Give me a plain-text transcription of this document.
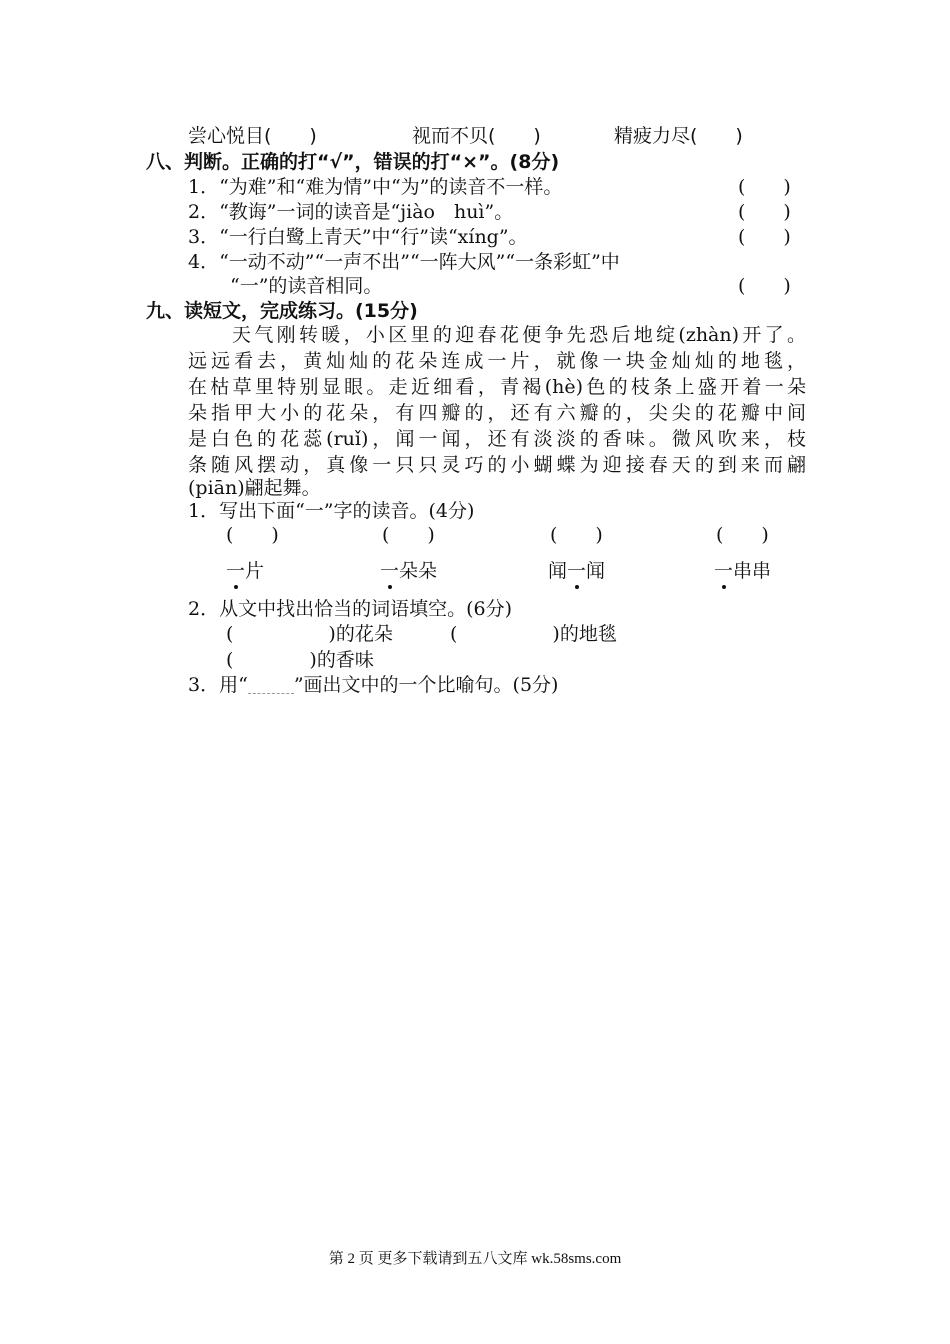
尝心悦目(　　)	视而不贝(　　)	精疲力尽(　　)
八、判断。正确的打“√”，错误的打“×”。(8分)
1．“为难”和“难为情”中“为”的读音不一样。	(　　)
2．“教诲”一词的读音是“jiào　huì”。	(　　)
3．“一行白鹭上青天”中“行”读“xíng”。	(　　)
4．“一动不动”“一声不出”“一阵大风”“一条彩虹”中
“一”的读音相同。	(　　)
九、读短文，完成练习。(15分)
天气刚转暖，小区里的迎春花便争先恐后地绽(zhàn)开了。
远远看去，黄灿灿的花朵连成一片，就像一块金灿灿的地毯，
在枯草里特别显眼。走近细看，青褐(hè)色的枝条上盛开着一朵
朵指甲大小的花朵，有四瓣的，还有六瓣的，尖尖的花瓣中间
是白色的花蕊(ruǐ)，闻一闻，还有淡淡的香味。微风吹来，枝
条随风摆动，真像一只只灵巧的小蝴蝶为迎接春天的到来而翩
(piān)翩起舞。
1．写出下面“一”字的读音。(4分)
(　　)	(　　)	(　　)	(　　)
一片	一朵朵	闻一闻	一串串
2．从文中找出恰当的词语填空。(6分)
(　　　　　)的花朵	(　　　　　)的地毯
(　　　　)的香味
3．用“ ”画出文中的一个比喻句。(5分)
第 2 页 更多下载请到五八文库 wk.58sms.com
